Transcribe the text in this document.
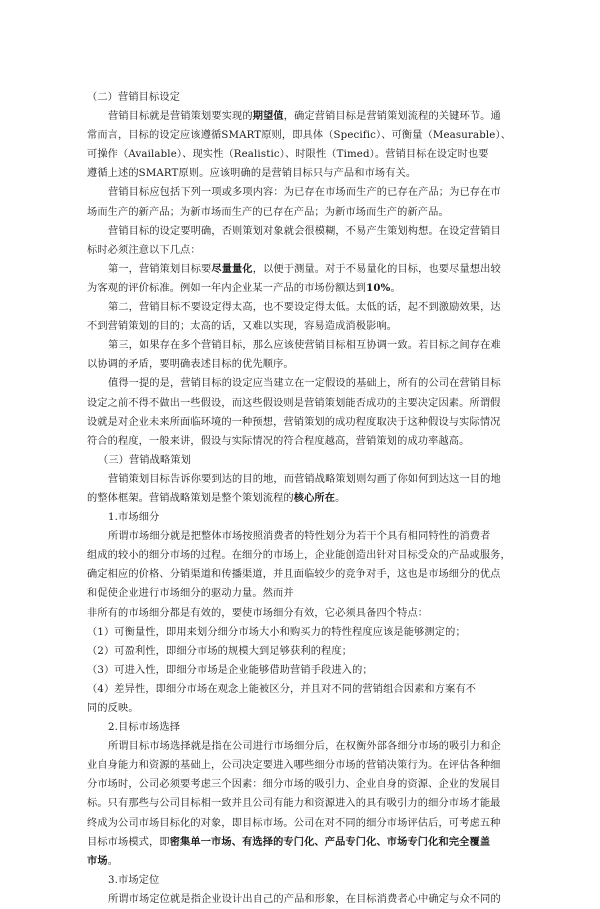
（二）营销目标设定
营销目标就是营销策划要实现的期望值，确定营销目标是营销策划流程的关键环节。通
常而言，目标的设定应该遵循SMART原则，即具体（Specific）、可衡量（Measurable）、
可操作（Available）、现实性（Realistic）、时限性（Timed）。营销目标在设定时也要
遵循上述的SMART原则。应该明确的是营销目标只与产品和市场有关。
营销目标应包括下列一项或多项内容：为已存在市场而生产的已存在产品；为已存在市
场而生产的新产品；为新市场而生产的已存在产品；为新市场而生产的新产品。
营销目标的设定要明确，否则策划对象就会很模糊，不易产生策划构想。在设定营销目
标时必须注意以下几点：
第一，营销策划目标要尽量量化，以便于测量。对于不易量化的目标，也要尽量想出较
为客观的评价标准。例如一年内企业某一产品的市场份额达到10%。
第二，营销目标不要设定得太高，也不要设定得太低。太低的话，起不到激励效果，达
不到营销策划的目的；太高的话，又难以实现，容易造成消极影响。
第三，如果存在多个营销目标，那么应该使营销目标相互协调一致。若目标之间存在难
以协调的矛盾，要明确表述目标的优先顺序。
值得一提的是，营销目标的设定应当建立在一定假设的基础上，所有的公司在营销目标
设定之前不得不做出一些假设，而这些假设则是营销策划能否成功的主要决定因素。所谓假
设就是对企业未来所面临环境的一种预想，营销策划的成功程度取决于这种假设与实际情况
符合的程度，一般来讲，假设与实际情况的符合程度越高，营销策划的成功率越高。
（三）营销战略策划
营销策划目标告诉你要到达的目的地，而营销战略策划则勾画了你如何到达这一目的地
的整体框架。营销战略策划是整个策划流程的核心所在。
1.市场细分
所谓市场细分就是把整体市场按照消费者的特性划分为若干个具有相同特性的消费者
组成的较小的细分市场的过程。在细分的市场上，企业能创造出针对目标受众的产品或服务，
确定相应的价格、分销渠道和传播渠道，并且面临较少的竞争对手，这也是市场细分的优点
和促使企业进行市场细分的驱动力量。然而并
非所有的市场细分都是有效的，要使市场细分有效，它必须具备四个特点：
（1）可衡量性，即用来划分细分市场大小和购买力的特性程度应该是能够测定的；
（2）可盈利性，即细分市场的规模大到足够获利的程度；
（3）可进入性，即细分市场是企业能够借助营销手段进入的；
（4）差异性，即细分市场在观念上能被区分，并且对不同的营销组合因素和方案有不
同的反映。
2.目标市场选择
所谓目标市场选择就是指在公司进行市场细分后，在权衡外部各细分市场的吸引力和企
业自身能力和资源的基础上，公司决定要进入哪些细分市场的营销决策行为。在评估各种细
分市场时，公司必须要考虑三个因素：细分市场的吸引力、企业自身的资源、企业的发展目
标。只有那些与公司目标相一致并且公司有能力和资源进入的具有吸引力的细分市场才能最
终成为公司市场目标化的对象，即目标市场。公司在对不同的细分市场评估后，可考虑五种
目标市场模式，即密集单一市场、有选择的专门化、产品专门化、市场专门化和完全覆盖
市场。
3.市场定位
所谓市场定位就是指企业设计出自己的产品和形象，在目标消费者心中确定与众不同的
